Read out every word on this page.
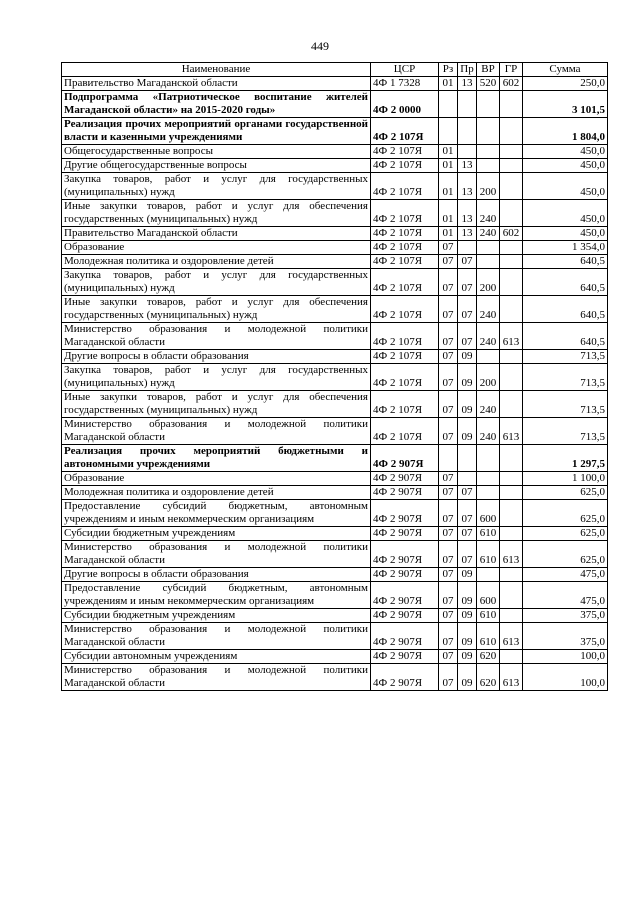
449
Наименование	ЦСР	Рз	Пр	ВР	ГР	Сумма
Правительство Магаданской области	4Ф 1 7328	01	13	520	602	250,0
Подпрограмма «Патриотическое воспитание жителей Магаданской области» на 2015-2020 годы»	4Ф 2 0000					3 101,5
Реализация прочих мероприятий органами государственной власти и казенными учреждениями	4Ф 2 107Я					1 804,0
Общегосударственные вопросы	4Ф 2 107Я	01				450,0
Другие общегосударственные вопросы	4Ф 2 107Я	01	13			450,0
Закупка товаров, работ и услуг для государственных (муниципальных) нужд	4Ф 2 107Я	01	13	200		450,0
Иные закупки товаров, работ и услуг для обеспечения государственных (муниципальных) нужд	4Ф 2 107Я	01	13	240		450,0
Правительство Магаданской области	4Ф 2 107Я	01	13	240	602	450,0
Образование	4Ф 2 107Я	07				1 354,0
Молодежная политика и оздоровление детей	4Ф 2 107Я	07	07			640,5
Закупка товаров, работ и услуг для государственных (муниципальных) нужд	4Ф 2 107Я	07	07	200		640,5
Иные закупки товаров, работ и услуг для обеспечения государственных (муниципальных) нужд	4Ф 2 107Я	07	07	240		640,5
Министерство образования и молодежной политики Магаданской области	4Ф 2 107Я	07	07	240	613	640,5
Другие вопросы в области образования	4Ф 2 107Я	07	09			713,5
Закупка товаров, работ и услуг для государственных (муниципальных) нужд	4Ф 2 107Я	07	09	200		713,5
Иные закупки товаров, работ и услуг для обеспечения государственных (муниципальных) нужд	4Ф 2 107Я	07	09	240		713,5
Министерство образования и молодежной политики Магаданской области	4Ф 2 107Я	07	09	240	613	713,5
Реализация прочих мероприятий бюджетными и автономными учреждениями	4Ф 2 907Я					1 297,5
Образование	4Ф 2 907Я	07				1 100,0
Молодежная политика и оздоровление детей	4Ф 2 907Я	07	07			625,0
Предоставление субсидий бюджетным, автономным учреждениям и иным некоммерческим организациям	4Ф 2 907Я	07	07	600		625,0
Субсидии бюджетным учреждениям	4Ф 2 907Я	07	07	610		625,0
Министерство образования и молодежной политики Магаданской области	4Ф 2 907Я	07	07	610	613	625,0
Другие вопросы в области образования	4Ф 2 907Я	07	09			475,0
Предоставление субсидий бюджетным, автономным учреждениям и иным некоммерческим организациям	4Ф 2 907Я	07	09	600		475,0
Субсидии бюджетным учреждениям	4Ф 2 907Я	07	09	610		375,0
Министерство образования и молодежной политики Магаданской области	4Ф 2 907Я	07	09	610	613	375,0
Субсидии автономным учреждениям	4Ф 2 907Я	07	09	620		100,0
Министерство образования и молодежной политики Магаданской области	4Ф 2 907Я	07	09	620	613	100,0
